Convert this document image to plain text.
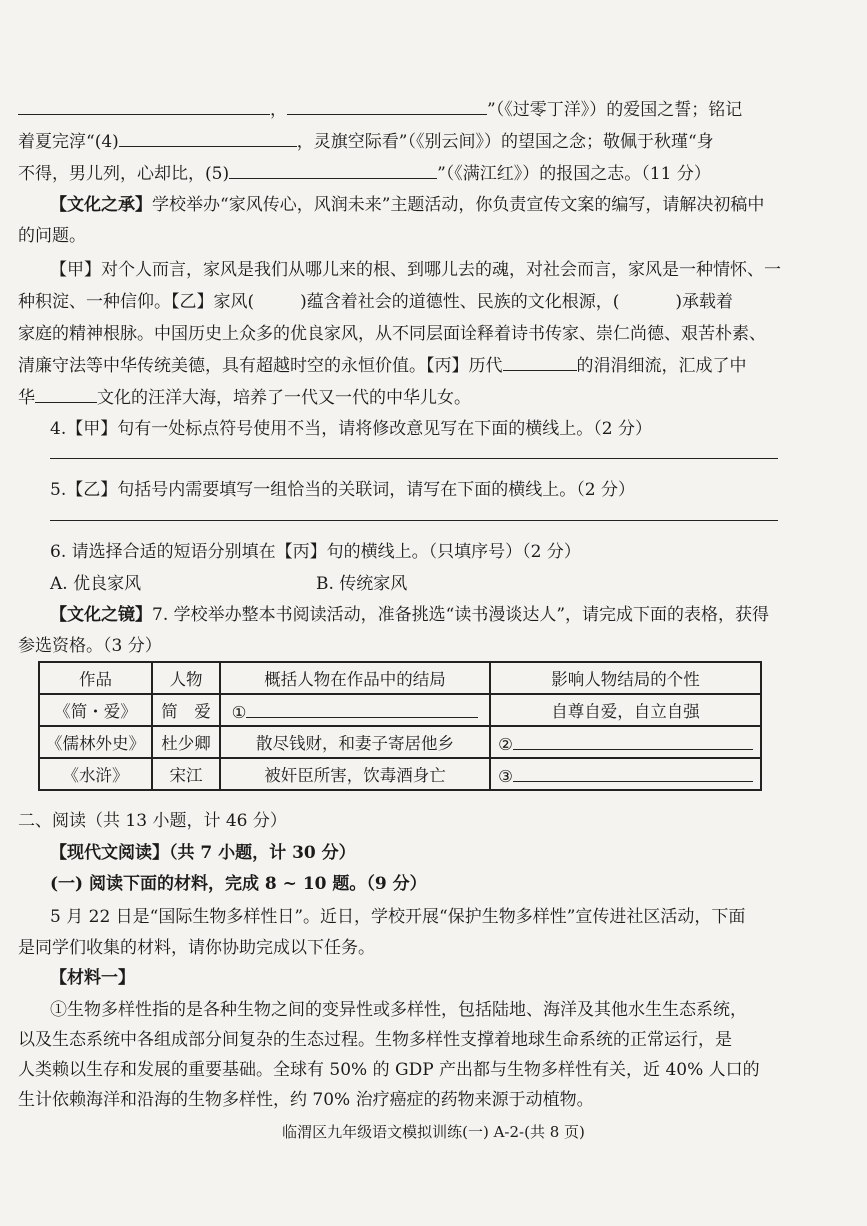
，	”（《过零丁洋》）的爱国之誓；铭记
着夏完淳“(4)	，灵旗空际看”（《别云间》）的望国之念；敬佩于秋瑾“身
不得，男儿列，心却比，(5)	”（《满江红》）的报国之志。（11 分）
【文化之承】学校举办“家风传心，风润未来”主题活动，你负责宣传文案的编写，请解决初稿中
的问题。
【甲】对个人而言，家风是我们从哪儿来的根、到哪儿去的魂，对社会而言，家风是一种情怀、一
种积淀、一种信仰。【乙】家风(	)蕴含着社会的道德性、民族的文化根源，(	)承载着
家庭的精神根脉。中国历史上众多的优良家风，从不同层面诠释着诗书传家、崇仁尚德、艰苦朴素、
清廉守法等中华传统美德，具有超越时空的永恒价值。【丙】历代	的涓涓细流，汇成了中
华	文化的汪洋大海，培养了一代又一代的中华儿女。
4.【甲】句有一处标点符号使用不当，请将修改意见写在下面的横线上。（2 分）
5.【乙】句括号内需要填写一组恰当的关联词，请写在下面的横线上。（2 分）
6. 请选择合适的短语分别填在【丙】句的横线上。（只填序号）（2 分）
A. 优良家风	B. 传统家风
【文化之镜】7. 学校举办整本书阅读活动，准备挑选“读书漫谈达人”，请完成下面的表格，获得
参选资格。（3 分）
作品	人物	概括人物在作品中的结局	影响人物结局的个性
《简・爱》	简　爱	①	自尊自爱，自立自强
《儒林外史》	杜少卿	散尽钱财，和妻子寄居他乡	②
《水浒》	宋江	被奸臣所害，饮毒酒身亡	③
二、阅读（共 13 小题，计 46 分）
【现代文阅读】（共 7 小题，计 30 分）
(一) 阅读下面的材料，完成 8 ~ 10 题。（9 分）
5 月 22 日是“国际生物多样性日”。近日，学校开展“保护生物多样性”宣传进社区活动，下面
是同学们收集的材料，请你协助完成以下任务。
【材料一】
①生物多样性指的是各种生物之间的变异性或多样性，包括陆地、海洋及其他水生生态系统，
以及生态系统中各组成部分间复杂的生态过程。生物多样性支撑着地球生命系统的正常运行，是
人类赖以生存和发展的重要基础。全球有 50% 的 GDP 产出都与生物多样性有关，近 40% 人口的
生计依赖海洋和沿海的生物多样性，约 70% 治疗癌症的药物来源于动植物。
临渭区九年级语文模拟训练(一) A-2-(共 8 页)
